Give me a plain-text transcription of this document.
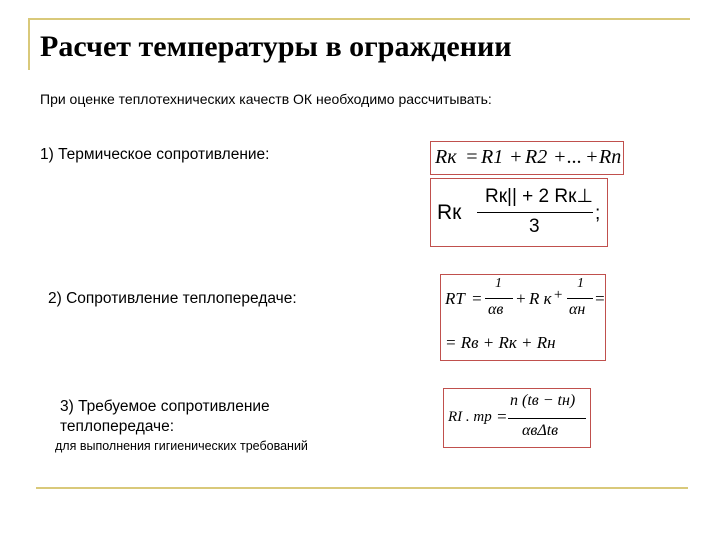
Расчет температуры в ограждении
При оценке теплотехнических качеств ОК необходимо рассчитывать:
1) Термическое сопротивление:
2) Сопротивление теплопередаче:
3) Требуемое сопротивление
теплопередаче:
для выполнения гигиенических требований
Rк = R1 + R2 + ... + Rn
Rк
Rк|| + 2 Rк⊥
3
;
RT =
1
αв
+ R к +
1
αн
=
= Rв + Rк + Rн
RI . тр =
n (tв − tн)
αвΔtв
